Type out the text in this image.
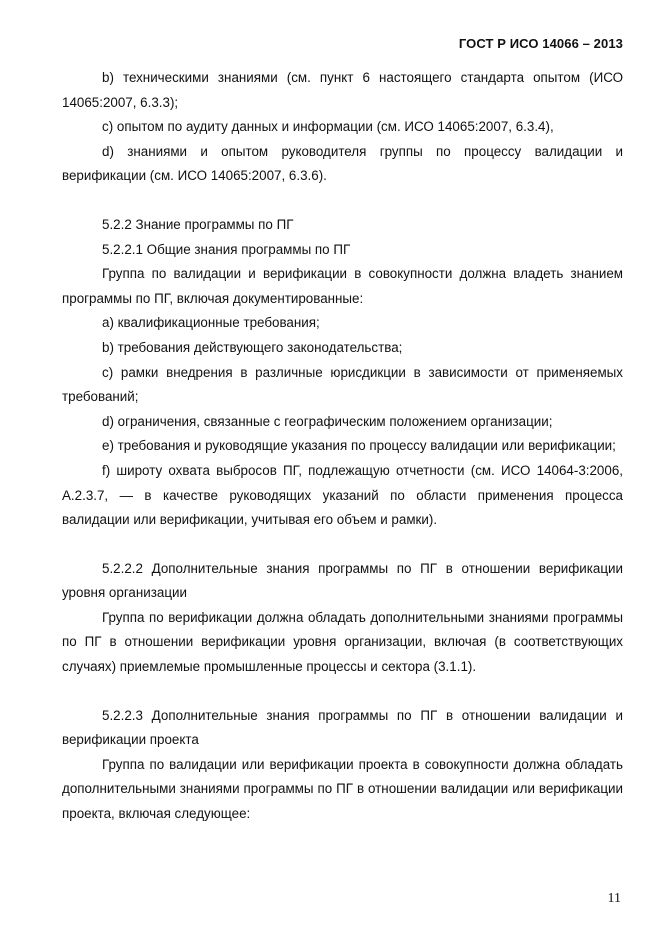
ГОСТ Р ИСО 14066 – 2013

b) техническими знаниями (см. пункт 6 настоящего стандарта опытом (ИСО 14065:2007, 6.3.3);

c) опытом по аудиту данных и информации (см. ИСО 14065:2007, 6.3.4),

d) знаниями и опытом руководителя группы по процессу валидации и верификации (см. ИСО 14065:2007, 6.3.6).

5.2.2 Знание программы по ПГ

5.2.2.1 Общие знания программы по ПГ

Группа по валидации и верификации в совокупности должна владеть знанием программы по ПГ, включая документированные:

а) квалификационные требования;

b) требования действующего законодательства;

c) рамки внедрения в различные юрисдикции в зависимости от применяемых требований;

d) ограничения, связанные с географическим положением организации;

e) требования и руководящие указания по процессу валидации или верификации;

f) широту охвата выбросов ПГ, подлежащую отчетности (см. ИСО 14064-3:2006, А.2.3.7, — в качестве руководящих указаний по области применения процесса валидации или верификации, учитывая его объем и рамки).

5.2.2.2 Дополнительные знания программы по ПГ в отношении верификации уровня организации

Группа по верификации должна обладать дополнительными знаниями программы по ПГ в отношении верификации уровня организации, включая (в соответствующих случаях) приемлемые промышленные процессы и сектора (3.1.1).

5.2.2.3 Дополнительные знания программы по ПГ в отношении валидации и верификации проекта

Группа по валидации или верификации проекта в совокупности должна обладать дополнительными знаниями программы по ПГ в отношении валидации или верификации проекта, включая следующее:

11
